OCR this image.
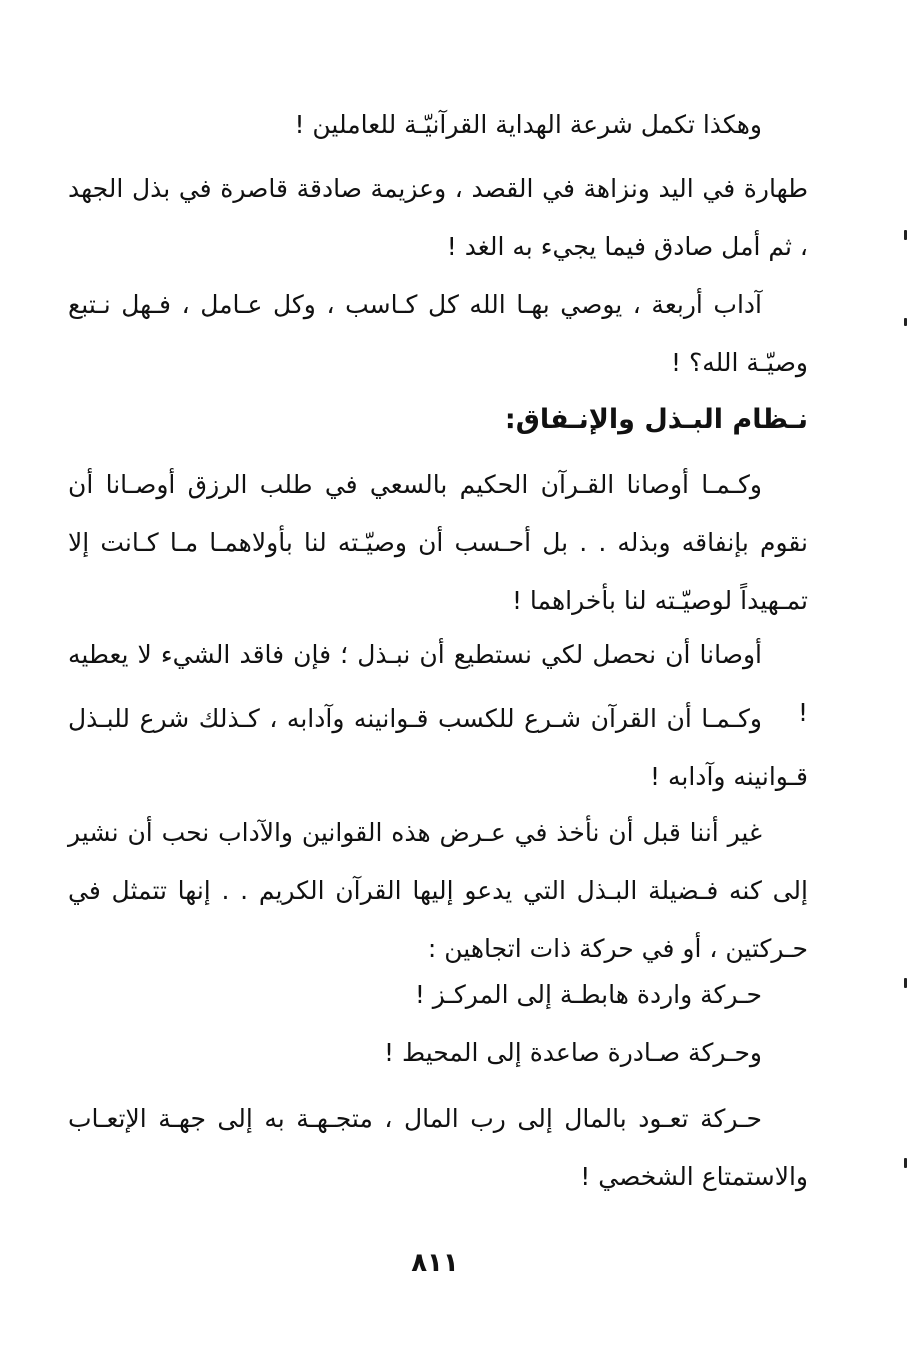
وهكذا تكمل شرعة الهداية القرآنيّـة للعاملين !
طهارة في اليد ونزاهة في القصد ، وعزيمة صادقة قاصرة في بذل الجهد ، ثم أمل صادق فيما يجيء به الغد !
آداب أربعة ، يوصي بهـا الله كل كـاسب ، وكل عـامل ، فـهل نـتبع وصيّـة الله؟ !
نـظام البـذل والإنـفاق:
وكـمـا أوصانا القـرآن الحكيم بالسعي في طلب الرزق أوصـانا أن نقوم بإنفاقه وبذله . . بل أحـسب أن وصيّـته لنا بأولاهمـا مـا كـانت إلا تمـهيداً لوصيّـته لنا بأخراهما !
أوصانا أن نحصل لكي نستطيع أن نبـذل ؛ فإن فاقد الشيء لا يعطيه !
وكـمـا أن القرآن شـرع للكسب قـوانينه وآدابه ، كـذلك شرع للبـذل قـوانينه وآدابه !
غير أننا قبل أن نأخذ في عـرض هذه القوانين والآداب نحب أن نشير إلى كنه فـضيلة البـذل التي يدعو إليها القرآن الكريم . . إنها تتمثل في حـركتين ، أو في حركة ذات اتجاهين :
حـركة واردة هابطـة إلى المركـز !
وحـركة صـادرة صاعدة إلى المحيط !
حـركة تعـود بالمال إلى رب المال ، متجـهـة به إلى جهـة الإتعـاب والاستمتاع الشخصي !
٨١١
